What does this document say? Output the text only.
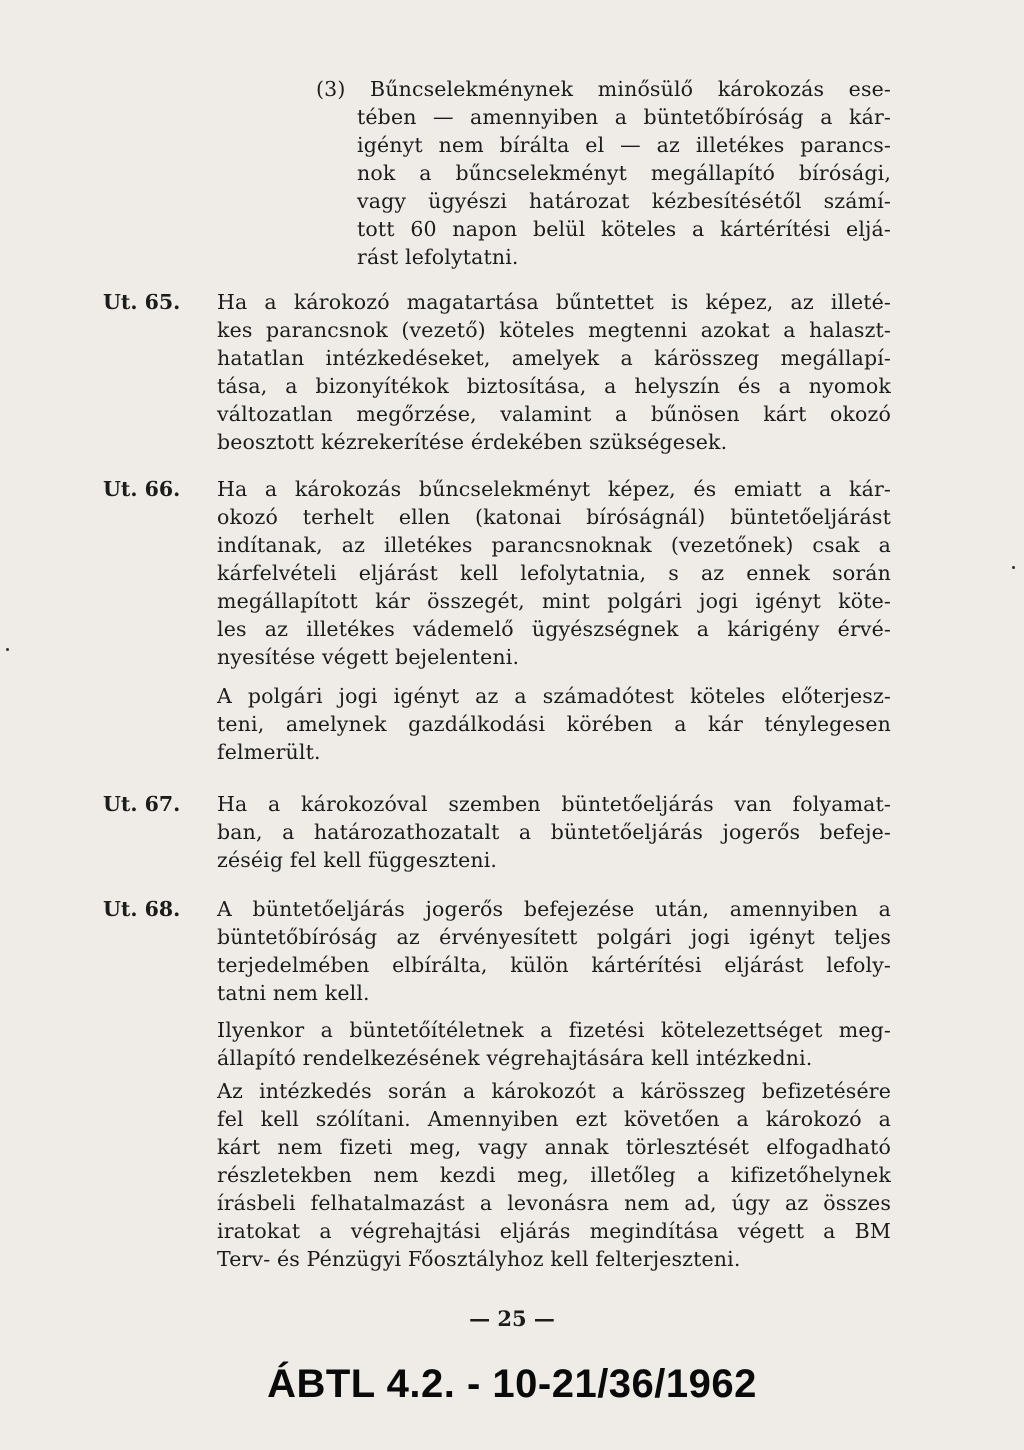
(3) Bűncselekménynek minősülő károkozás ese-
tében — amennyiben a büntetőbíróság a kár-
igényt nem bírálta el — az illetékes parancs-
nok a bűncselekményt megállapító bírósági,
vagy ügyészi határozat kézbesítésétől számí-
tott 60 napon belül köteles a kártérítési eljá-
rást lefolytatni.
Ut. 65. Ha a károkozó magatartása bűntettet is képez, az illeté-
kes parancsnok (vezető) köteles megtenni azokat a halaszt-
hatatlan intézkedéseket, amelyek a kárösszeg megállapí-
tása, a bizonyítékok biztosítása, a helyszín és a nyomok
változatlan megőrzése, valamint a bűnösen kárt okozó
beosztott kézrekerítése érdekében szükségesek.
Ut. 66. Ha a károkozás bűncselekményt képez, és emiatt a kár-
okozó terhelt ellen (katonai bíróságnál) büntetőeljárást
indítanak, az illetékes parancsnoknak (vezetőnek) csak a
kárfelvételi eljárást kell lefolytatnia, s az ennek során
megállapított kár összegét, mint polgári jogi igényt köte-
les az illetékes vádemelő ügyészségnek a kárigény érvé-
nyesítése végett bejelenteni.
A polgári jogi igényt az a számadótest köteles előterjesz-
teni, amelynek gazdálkodási körében a kár ténylegesen
felmerült.
Ut. 67. Ha a károkozóval szemben büntetőeljárás van folyamat-
ban, a határozathozatalt a büntetőeljárás jogerős befeje-
zéséig fel kell függeszteni.
Ut. 68. A büntetőeljárás jogerős befejezése után, amennyiben a
büntetőbíróság az érvényesített polgári jogi igényt teljes
terjedelmében elbírálta, külön kártérítési eljárást lefoly-
tatni nem kell.
Ilyenkor a büntetőítéletnek a fizetési kötelezettséget meg-
állapító rendelkezésének végrehajtására kell intézkedni.
Az intézkedés során a károkozót a kárösszeg befizetésére
fel kell szólítani. Amennyiben ezt követően a károkozó a
kárt nem fizeti meg, vagy annak törlesztését elfogadható
részletekben nem kezdi meg, illetőleg a kifizetőhelynek
írásbeli felhatalmazást a levonásra nem ad, úgy az összes
iratokat a végrehajtási eljárás megindítása végett a BM
Terv- és Pénzügyi Főosztályhoz kell felterjeszteni.
— 25 —
ÁBTL 4.2. - 10-21/36/1962
